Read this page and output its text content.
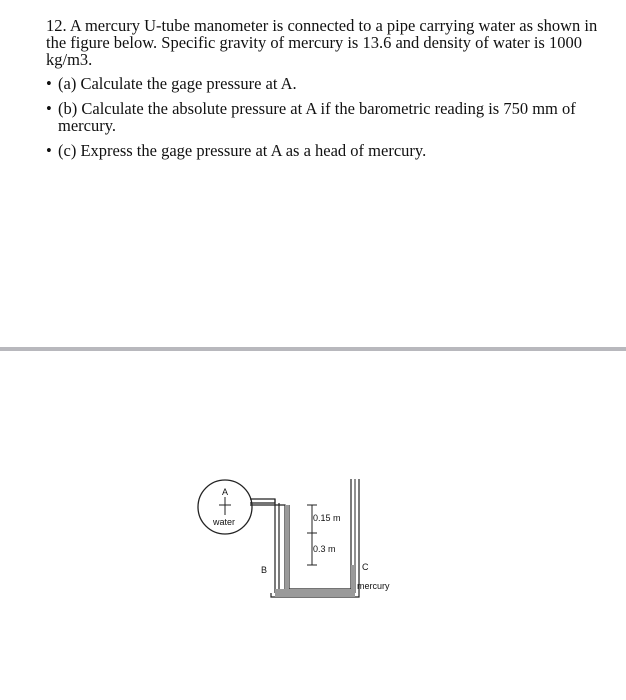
12. A mercury U-tube manometer is connected to a pipe carrying water as shown in the figure below. Specific gravity of mercury is 13.6 and density of water is 1000 kg/m3.

• (a) Calculate the gage pressure at A.

• (b) Calculate the absolute pressure at A if the barometric reading is 750 mm of mercury.

• (c) Express the gage pressure at A as a head of mercury.

A
water	0.15 m
0.3 m
B	C
mercury
